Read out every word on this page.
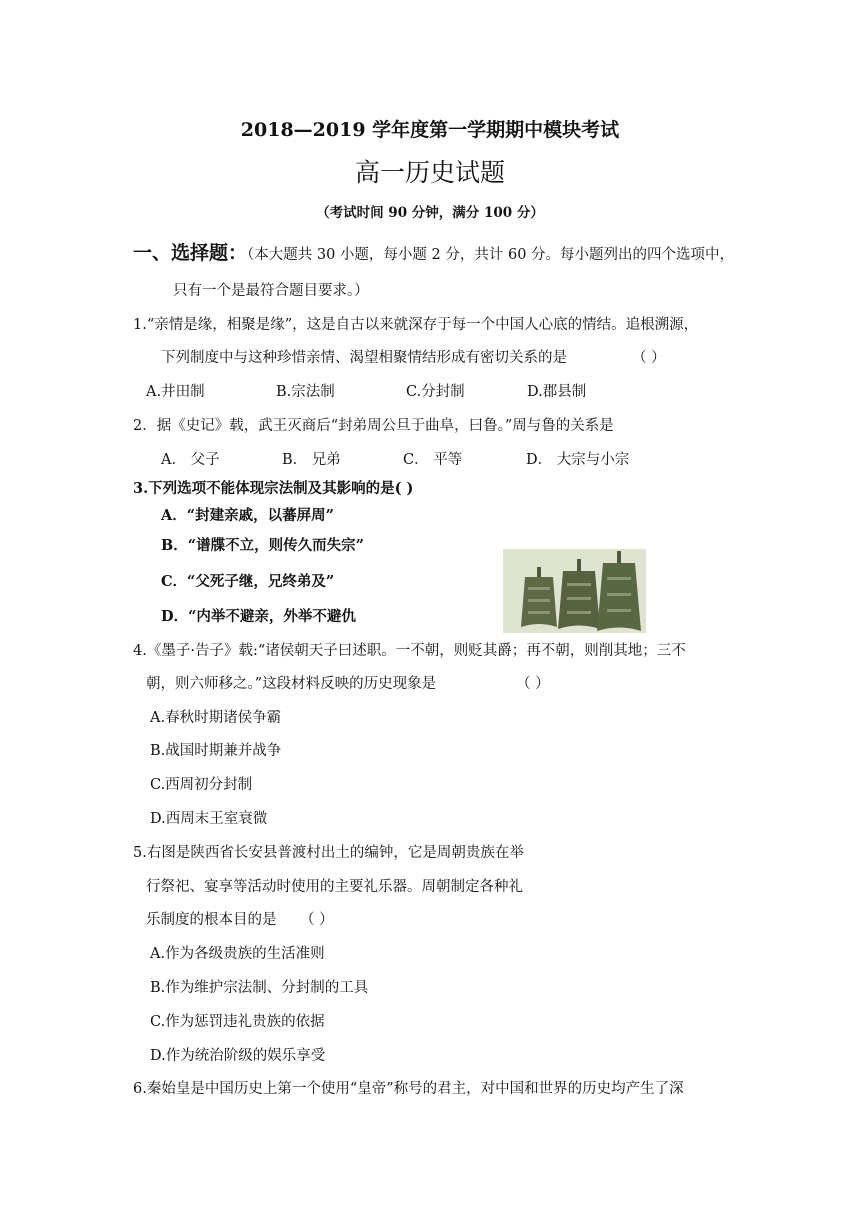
2018—2019 学年度第一学期期中模块考试
高一历史试题
（考试时间 90 分钟，满分 100 分）
一、选择题：（本大题共 30 小题，每小题 2 分，共计 60 分。每小题列出的四个选项中，
只有一个是最符合题目要求。）
1.“亲情是缘，相聚是缘”，这是自古以来就深存于每一个中国人心底的情结。追根溯源，
下列制度中与这种珍惜亲情、渴望相聚情结形成有密切关系的是	（ ）
A.井田制	B.宗法制	C.分封制	D.郡县制
2．据《史记》载，武王灭商后“封弟周公旦于曲阜，曰鲁。”周与鲁的关系是
A． 父子	B． 兄弟	C． 平等	D． 大宗与小宗
3.下列选项不能体现宗法制及其影响的是( )
A．“封建亲戚，以蕃屏周”
B．“谱牒不立，则传久而失宗”
C．“父死子继，兄终弟及”
D．“内举不避亲，外举不避仇
4.《墨子·告子》载:“诸侯朝天子曰述职。一不朝，则贬其爵；再不朝，则削其地；三不
朝，则六师移之。”这段材料反映的历史现象是	（ ）
A.春秋时期诸侯争霸
B.战国时期兼并战争
C.西周初分封制
D.西周末王室衰微
5.右图是陕西省长安县普渡村出土的编钟，它是周朝贵族在举
行祭祀、宴享等活动时使用的主要礼乐器。周朝制定各种礼
乐制度的根本目的是 （ ）
A.作为各级贵族的生活准则
B.作为维护宗法制、分封制的工具
C.作为惩罚违礼贵族的依据
D.作为统治阶级的娱乐享受
6.秦始皇是中国历史上第一个使用“皇帝”称号的君主，对中国和世界的历史均产生了深
